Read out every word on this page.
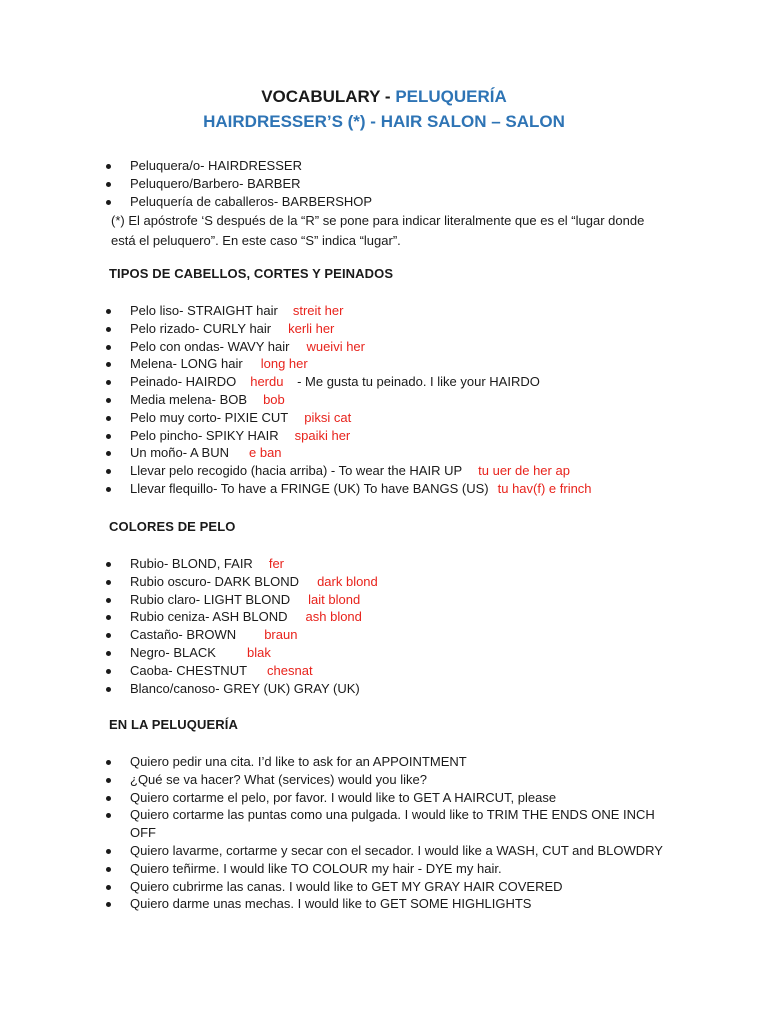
VOCABULARY - PELUQUERÍA
HAIRDRESSER’S (*) - HAIR SALON – SALON
Peluquera/o- HAIRDRESSER
Peluquero/Barbero- BARBER
Peluquería de caballeros- BARBERSHOP
(*) El apóstrofe ‘S después de la “R” se pone para indicar literalmente que es el “lugar donde está el peluquero”. En este caso “S” indica “lugar”.
TIPOS DE CABELLOS, CORTES Y PEINADOS
Pelo liso- STRAIGHT hair streit her
Pelo rizado- CURLY hair kerli her
Pelo con ondas- WAVY hair wueivi her
Melena- LONG hair long her
Peinado- HAIRDO herdu - Me gusta tu peinado. I like your HAIRDO
Media melena- BOB bob
Pelo muy corto- PIXIE CUT piksi cat
Pelo pincho- SPIKY HAIR spaiki her
Un moño- A BUN e ban
Llevar pelo recogido (hacia arriba) - To wear the HAIR UP tu uer de her ap
Llevar flequillo- To have a FRINGE (UK) To have BANGS (US) tu hav(f) e frinch
COLORES DE PELO
Rubio- BLOND, FAIR fer
Rubio oscuro- DARK BLOND dark blond
Rubio claro- LIGHT BLOND lait blond
Rubio ceniza- ASH BLOND ash blond
Castaño- BROWN braun
Negro- BLACK blak
Caoba- CHESTNUT chesnat
Blanco/canoso- GREY (UK) GRAY (UK)
EN LA PELUQUERÍA
Quiero pedir una cita. I’d like to ask for an APPOINTMENT
¿Qué se va hacer? What (services) would you like?
Quiero cortarme el pelo, por favor. I would like to GET A HAIRCUT, please
Quiero cortarme las puntas como una pulgada. I would like to TRIM THE ENDS ONE INCH OFF
Quiero lavarme, cortarme y secar con el secador. I would like a WASH, CUT and BLOWDRY
Quiero teñirme. I would like TO COLOUR my hair - DYE my hair.
Quiero cubrirme las canas. I would like to GET MY GRAY HAIR COVERED
Quiero darme unas mechas. I would like to GET SOME HIGHLIGHTS
